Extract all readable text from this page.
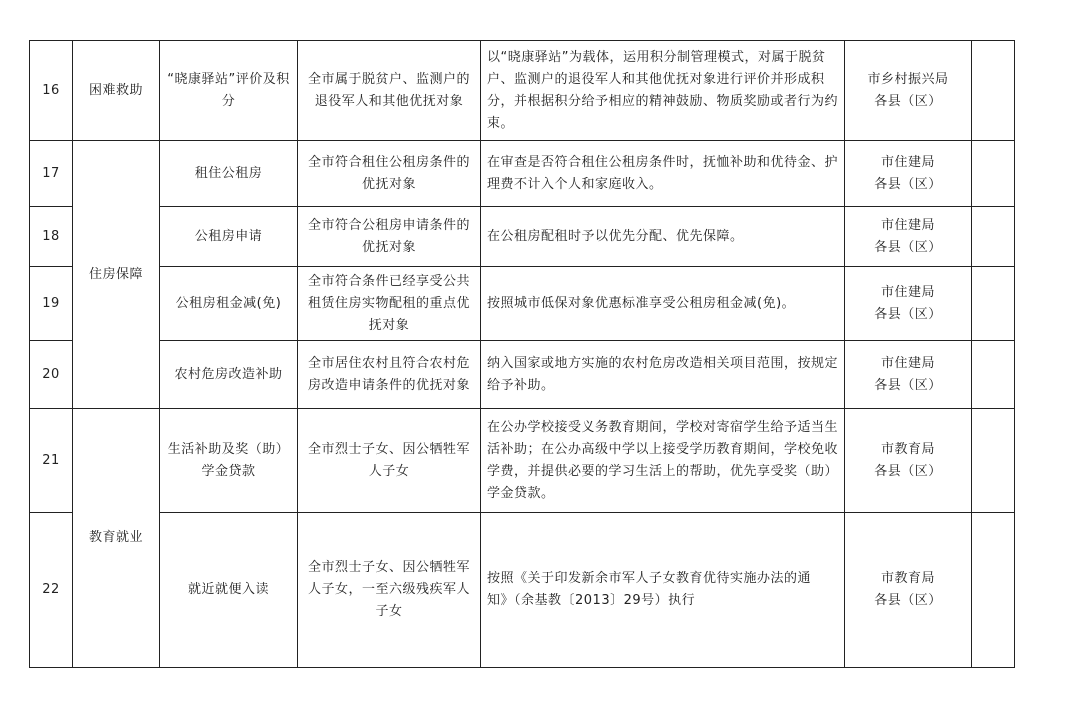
16	困难救助	“晓康驿站”评价及积分	全市属于脱贫户、监测户的退役军人和其他优抚对象	以“晓康驿站”为载体，运用积分制管理模式，对属于脱贫户、监测户的退役军人和其他优抚对象进行评价并形成积分，并根据积分给予相应的精神鼓励、物质奖励或者行为约束。	市乡村振兴局
各县（区）	
17	住房保障	租住公租房	全市符合租住公租房条件的优抚对象	在审查是否符合租住公租房条件时，抚恤补助和优待金、护理费不计入个人和家庭收入。	市住建局
各县（区）	
18		公租房申请	全市符合公租房申请条件的优抚对象	在公租房配租时予以优先分配、优先保障。	市住建局
各县（区）	
19		公租房租金减(免)	全市符合条件已经享受公共租赁住房实物配租的重点优抚对象	按照城市低保对象优惠标准享受公租房租金减(免)。	市住建局
各县（区）	
20		农村危房改造补助	全市居住农村且符合农村危房改造申请条件的优抚对象	纳入国家或地方实施的农村危房改造相关项目范围，按规定给予补助。	市住建局
各县（区）	
21	教育就业	生活补助及奖（助）学金贷款	全市烈士子女、因公牺牲军人子女	在公办学校接受义务教育期间，学校对寄宿学生给予适当生活补助；在公办高级中学以上接受学历教育期间，学校免收学费，并提供必要的学习生活上的帮助，优先享受奖（助）学金贷款。	市教育局
各县（区）	
22		就近就便入读	全市烈士子女、因公牺牲军人子女，一至六级残疾军人子女	按照《关于印发新余市军人子女教育优待实施办法的通知》（余基教〔2013〕29号）执行	市教育局
各县（区）	
